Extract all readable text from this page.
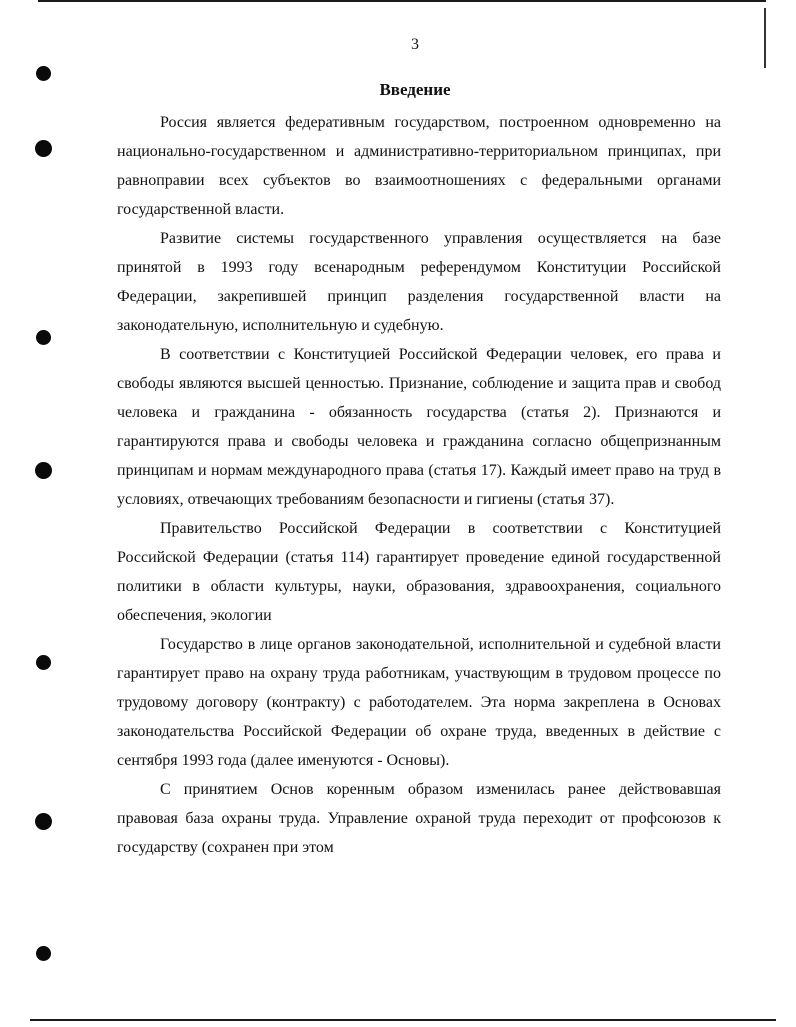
3
Введение

Россия является федеративным государством, построенном одновременно на национально-государственном и административно-территориальном принципах, при равноправии всех субъектов во взаимоотношениях с федеральными органами государственной власти.

Развитие системы государственного управления осуществляется на базе принятой в 1993 году всенародным референдумом Конституции Российской Федерации, закрепившей принцип разделения государственной власти на законодательную, исполнительную и судебную.

В соответствии с Конституцией Российской Федерации человек, его права и свободы являются высшей ценностью. Признание, соблюдение и защита прав и свобод человека и гражданина - обязанность государства (статья 2). Признаются и гарантируются права и свободы человека и гражданина согласно общепризнанным принципам и нормам международного права (статья 17). Каждый имеет право на труд в условиях, отвечающих требованиям безопасности и гигиены (статья 37).

Правительство Российской Федерации в соответствии с Конституцией Российской Федерации (статья 114) гарантирует проведение единой государственной политики в области культуры, науки, образования, здравоохранения, социального обеспечения, экологии

Государство в лице органов законодательной, исполнительной и судебной власти гарантирует право на охрану труда работникам, участвующим в трудовом процессе по трудовому договору (контракту) с работодателем. Эта норма закреплена в Основах законодательства Российской Федерации об охране труда, введенных в действие с сентября 1993 года (далее именуются - Основы).

С принятием Основ коренным образом изменилась ранее действовавшая правовая база охраны труда. Управление охраной труда переходит от профсоюзов к государству (сохранен при этом
